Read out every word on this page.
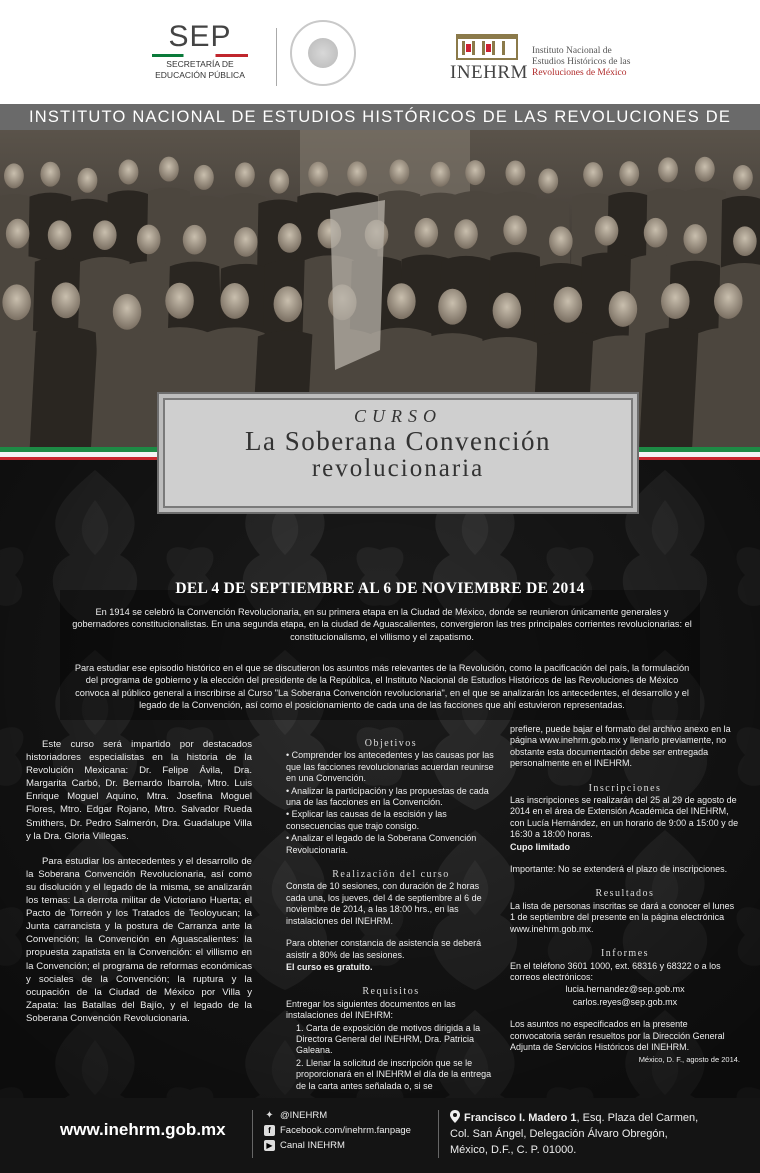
SEP
SECRETARÍA DE
EDUCACIÓN PÚBLICA	INEHRM
Instituto Nacional de
Estudios Históricos de las
Revoluciones de México
INSTITUTO NACIONAL DE ESTUDIOS HISTÓRICOS DE LAS REVOLUCIONES DE
CURSO
La Soberana Convención
revolucionaria
DEL 4 DE SEPTIEMBRE AL 6 DE NOVIEMBRE DE 2014
En 1914 se celebró la Convención Revolucionaria, en su primera etapa en la Ciudad de México, donde se reunieron únicamente generales y gobernadores constitucionalistas. En una segunda etapa, en la ciudad de Aguascalientes, convergieron las tres principales corrientes revolucionarias: el constitucionalismo, el villismo y el zapatismo.
Para estudiar ese episodio histórico en el que se discutieron los asuntos más relevantes de la Revolución, como la pacificación del país, la formulación del programa de gobierno y la elección del presidente de la República, el Instituto Nacional de Estudios Históricos de las Revoluciones de México convoca al público general a inscribirse al Curso "La Soberana Convención revolucionaria", en el que se analizarán los antecedentes, el desarrollo y el legado de la Convención, así como el posicionamiento de cada una de las facciones que ahí estuvieron representadas.

Este curso será impartido por destacados historiadores especialistas en la historia de la Revolución Mexicana: Dr. Felipe Ávila, Dra. Margarita Carbó, Dr. Bernardo Ibarrola, Mtro. Luis Enrique Moguel Aquino, Mtra. Josefina Moguel Flores, Mtro. Edgar Rojano, Mtro. Salvador Rueda Smithers, Dr. Pedro Salmerón, Dra. Guadalupe Villa y la Dra. Gloria Villegas.

Para estudiar los antecedentes y el desarrollo de la Soberana Convención Revolucionaria, así como su disolución y el legado de la misma, se analizarán los temas: La derrota militar de Victoriano Huerta; el Pacto de Torreón y los Tratados de Teoloyucan; la Junta carrancista y la postura de Carranza ante la Convención; la Convención en Aguascalientes: la propuesta zapatista en la Convención: el villismo en la Convención; el programa de reformas económicas y sociales de la Convención; la ruptura y la ocupación de la Ciudad de México por Villa y Zapata: las Batallas del Bajío, y el legado de la Soberana Convención Revolucionaria.

Objetivos

• Comprender los antecedentes y las causas por las que las facciones revolucionarias acuerdan reunirse en una Convención.

• Analizar la participación y las propuestas de cada una de las facciones en la Convención.

• Explicar las causas de la escisión y las consecuencias que trajo consigo.

• Analizar el legado de la Soberana Convención Revolucionaria.

Realización del curso

Consta de 10 sesiones, con duración de 2 horas cada una, los jueves, del 4 de septiembre al 6 de noviembre de 2014, a las 18:00 hrs., en las instalaciones del INEHRM.

Para obtener constancia de asistencia se deberá asistir a 80% de las sesiones.

El curso es gratuito.

Requisitos

Entregar los siguientes documentos en las instalaciones del INEHRM:

1. Carta de exposición de motivos dirigida a la Directora General del INEHRM, Dra. Patricia Galeana.

2. Llenar la solicitud de inscripción que se le proporcionará en el INEHRM el día de la entrega de la carta antes señalada o, si se

prefiere, puede bajar el formato del archivo anexo en la página www.inehrm.gob.mx y llenarlo previamente, no obstante esta documentación debe ser entregada personalmente en el INEHRM.

Inscripciones

Las inscripciones se realizarán del 25 al 29 de agosto de 2014 en el área de Extensión Académica del INEHRM, con Lucía Hernández, en un horario de 9:00 a 15:00 y de 16:30 a 18:00 horas.

Cupo limitado

Importante: No se extenderá el plazo de inscripciones.

Resultados

La lista de personas inscritas se dará a conocer el lunes 1 de septiembre del presente en la página electrónica www.inehrm.gob.mx.

Informes

En el teléfono 3601 1000, ext. 68316 y 68322 o a los correos electrónicos:

lucia.hernandez@sep.gob.mx

carlos.reyes@sep.gob.mx

Los asuntos no especificados en la presente convocatoria serán resueltos por la Dirección General Adjunta de Servicios Históricos del INEHRM.

México, D. F., agosto de 2014.

www.inehrm.gob.mx
✦ @INEHRM
f Facebook.com/inehrm.fanpage
▶ Canal INEHRM
Francisco I. Madero 1, Esq. Plaza del Carmen,
Col. San Ángel, Delegación Álvaro Obregón,
México, D.F., C. P. 01000.
